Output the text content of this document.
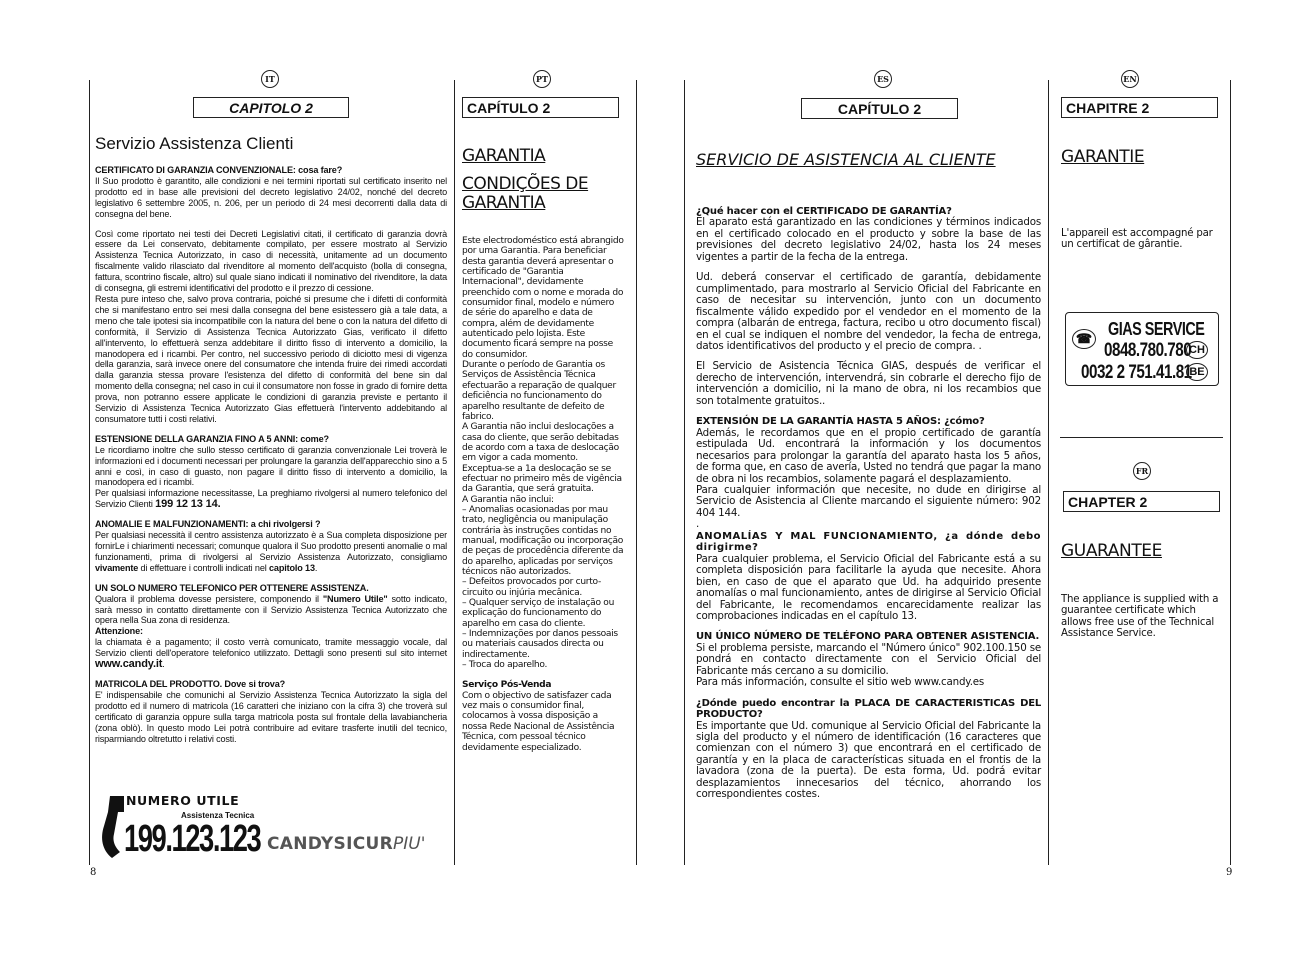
IT	PT	ES	EN
FR
CAPITOLO 2	CAPÍTULO 2	CAPÍTULO 2	CHAPITRE 2
CHAPTER 2
Servizio Assistenza Clienti

CERTIFICATO DI GARANZIA CONVENZIONALE: cosa fare?

Il Suo prodotto è garantito, alle condizioni e nei termini riportati sul certificato inserito nel prodotto ed in base alle previsioni del decreto legislativo 24/02, nonché del decreto legislativo 6 settembre 2005, n. 206, per un periodo di 24 mesi decorrenti dalla data di consegna del bene.

Così come riportato nei testi dei Decreti Legislativi citati, il certificato di garanzia dovrà essere da Lei conservato, debitamente compilato, per essere mostrato al Servizio Assistenza Tecnica Autorizzato, in caso di necessità, unitamente ad un documento fiscalmente valido rilasciato dal rivenditore al momento dell'acquisto (bolla di consegna, fattura, scontrino fiscale, altro) sul quale siano indicati il nominativo del rivenditore, la data di consegna, gli estremi identificativi del prodotto e il prezzo di cessione.

Resta pure inteso che, salvo prova contraria, poiché si presume che i difetti di conformità che si manifestano entro sei mesi dalla consegna del bene esistessero già a tale data, a meno che tale ipotesi sia incompatibile con la natura del bene o con la natura del difetto di conformità, il Servizio di Assistenza Tecnica Autorizzato Gias, verificato il difetto all'intervento, lo effettuerà senza addebitare il diritto fisso di intervento a domicilio, la manodopera ed i ricambi. Per contro, nel successivo periodo di diciotto mesi di vigenza della garanzia, sarà invece onere del consumatore che intenda fruire dei rimedi accordati dalla garanzia stessa provare l'esistenza del difetto di conformità del bene sin dal momento della consegna; nel caso in cui il consumatore non fosse in grado di fornire detta prova, non potranno essere applicate le condizioni di garanzia previste e pertanto il Servizio di Assistenza Tecnica Autorizzato Gias effettuerà l'intervento addebitando al consumatore tutti i costi relativi.

ESTENSIONE DELLA GARANZIA FINO A 5 ANNI: come?

Le ricordiamo inoltre che sullo stesso certificato di garanzia convenzionale Lei troverà le informazioni ed i documenti necessari per prolungare la garanzia dell'apparecchio sino a 5 anni e così, in caso di guasto, non pagare il diritto fisso di intervento a domicilio, la manodopera ed i ricambi.

Per qualsiasi informazione necessitasse, La preghiamo rivolgersi al numero telefonico del Servizio Clienti 199 12 13 14.

ANOMALIE E MALFUNZIONAMENTI: a chi rivolgersi ?

Per qualsiasi necessità il centro assistenza autorizzato è a Sua completa disposizione per fornirLe i chiarimenti necessari; comunque qualora il Suo prodotto presenti anomalie o mal funzionamenti, prima di rivolgersi al Servizio Assistenza Autorizzato, consigliamo vivamente di effettuare i controlli indicati nel capitolo 13.

UN SOLO NUMERO TELEFONICO PER OTTENERE ASSISTENZA.

Qualora il problema dovesse persistere, componendo il "Numero Utile" sotto indicato, sarà messo in contatto direttamente con il Servizio Assistenza Tecnica Autorizzato che opera nella Sua zona di residenza.

Attenzione:

la chiamata è a pagamento; il costo verrà comunicato, tramite messaggio vocale, dal Servizio clienti dell'operatore telefonico utilizzato. Dettagli sono presenti sul sito internet www.candy.it.

MATRICOLA DEL PRODOTTO. Dove si trova?

E' indispensabile che comunichi al Servizio Assistenza Tecnica Autorizzato la sigla del prodotto ed il numero di matricola (16 caratteri che iniziano con la cifra 3) che troverà sul certificato di garanzia oppure sulla targa matricola posta sul frontale della lavabiancheria (zona oblò). In questo modo Lei potrà contribuire ad evitare trasferte inutili del tecnico, risparmiando oltretutto i relativi costi.

NUMERO UTILE
Assistenza Tecnica
199.123.123 CANDYSICURPIU'
GARANTIA
CONDIÇÕES DE
GARANTIA

Este electrodoméstico está abrangido por uma Garantia. Para beneficiar desta garantia deverá apresentar o certificado de "Garantia Internacional", devidamente preenchido com o nome e morada do consumidor final, modelo e número de série do aparelho e data de compra, além de devidamente autenticado pelo lojista. Este documento ficará sempre na posse do consumidor.

Durante o período de Garantia os Serviços de Assistência Técnica efectuarão a reparação de qualquer deficiência no funcionamento do aparelho resultante de defeito de fabrico.

A Garantia não inclui deslocações a casa do cliente, que serão debitadas de acordo com a taxa de deslocação em vigor a cada momento.

Exceptua-se a 1a deslocação se se efectuar no primeiro mês de vigência da Garantia, que será gratuita.

A Garantia não inclui:

– Anomalias ocasionadas por mau trato, negligência ou manipulação contrária às instruções contidas no manual, modificação ou incorporação de peças de procedência diferente da do aparelho, aplicadas por serviços técnicos não autorizados.

– Defeitos provocados por curto-circuito ou injúria mecânica.

– Qualquer serviço de instalação ou explicação do funcionamento do aparelho em casa do cliente.

– Indemnizações por danos pessoais ou materiais causados directa ou indirectamente.

– Troca do aparelho.

Serviço Pós-Venda

Com o objectivo de satisfazer cada vez mais o consumidor final, colocamos à vossa disposição a nossa Rede Nacional de Assistência Técnica, com pessoal técnico devidamente especializado.

SERVICIO DE ASISTENCIA AL CLIENTE

¿Qué hacer con el CERTIFICADO DE GARANTÍA?

El aparato está garantizado en las condiciones y términos indicados en el certificado colocado en el producto y sobre la base de las previsiones del decreto legislativo 24/02, hasta los 24 meses vigentes a partir de la fecha de la entrega.

Ud. deberá conservar el certificado de garantía, debidamente cumplimentado, para mostrarlo al Servicio Oficial del Fabricante en caso de necesitar su intervención, junto con un documento fiscalmente válido expedido por el vendedor en el momento de la compra (albarán de entrega, factura, recibo u otro documento fiscal) en el cual se indiquen el nombre del vendedor, la fecha de entrega, datos identificativos del producto y el precio de compra. .

El Servicio de Asistencia Técnica GIAS, después de verificar el derecho de intervención, intervendrá, sin cobrarle el derecho fijo de intervención a domicilio, ni la mano de obra, ni los recambios que son totalmente gratuitos..

EXTENSIÓN DE LA GARANTÍA HASTA 5 AÑOS: ¿cómo?

Además, le recordamos que en el propio certificado de garantía estipulada Ud. encontrará la información y los documentos necesarios para prolongar la garantía del aparato hasta los 5 años, de forma que, en caso de avería, Usted no tendrá que pagar la mano de obra ni los recambios, solamente pagará el desplazamiento.

Para cualquier información que necesite, no dude en dirigirse al Servicio de Asistencia al Cliente marcando el siguiente número: 902 404 144.

.

ANOMALÍAS Y MAL FUNCIONAMIENTO, ¿a dónde debo dirigirme?

Para cualquier problema, el Servicio Oficial del Fabricante está a su completa disposición para facilitarle la ayuda que necesite. Ahora bien, en caso de que el aparato que Ud. ha adquirido presente anomalías o mal funcionamiento, antes de dirigirse al Servicio Oficial del Fabricante, le recomendamos encarecidamente realizar las comprobaciones indicadas en el capítulo 13.

UN ÚNICO NÚMERO DE TELÉFONO PARA OBTENER ASISTENCIA.

Si el problema persiste, marcando el "Número único" 902.100.150 se pondrá en contacto directamente con el Servicio Oficial del Fabricante más cercano a su domicilio.

Para más información, consulte el sitio web www.candy.es

¿Dónde puedo encontrar la PLACA DE CARACTERISTICAS DEL PRODUCTO?

Es importante que Ud. comunique al Servicio Oficial del Fabricante la sigla del producto y el número de identificación (16 caracteres que comienzan con el número 3) que encontrará en el certificado de garantía y en la placa de características situada en el frontis de la lavadora (zona de la puerta). De esta forma, Ud. podrá evitar desplazamientos innecesarios del técnico, ahorrando los correspondientes costes.

GARANTIE
L'appareil est accompagné par un certificat de gârantie.
☎ GIAS SERVICE
0848.780.780
CH
0032 2 751.41.81
BE
GUARANTEE
The appliance is supplied with a guarantee certificate which allows free use of the Technical Assistance Service.
8	9
